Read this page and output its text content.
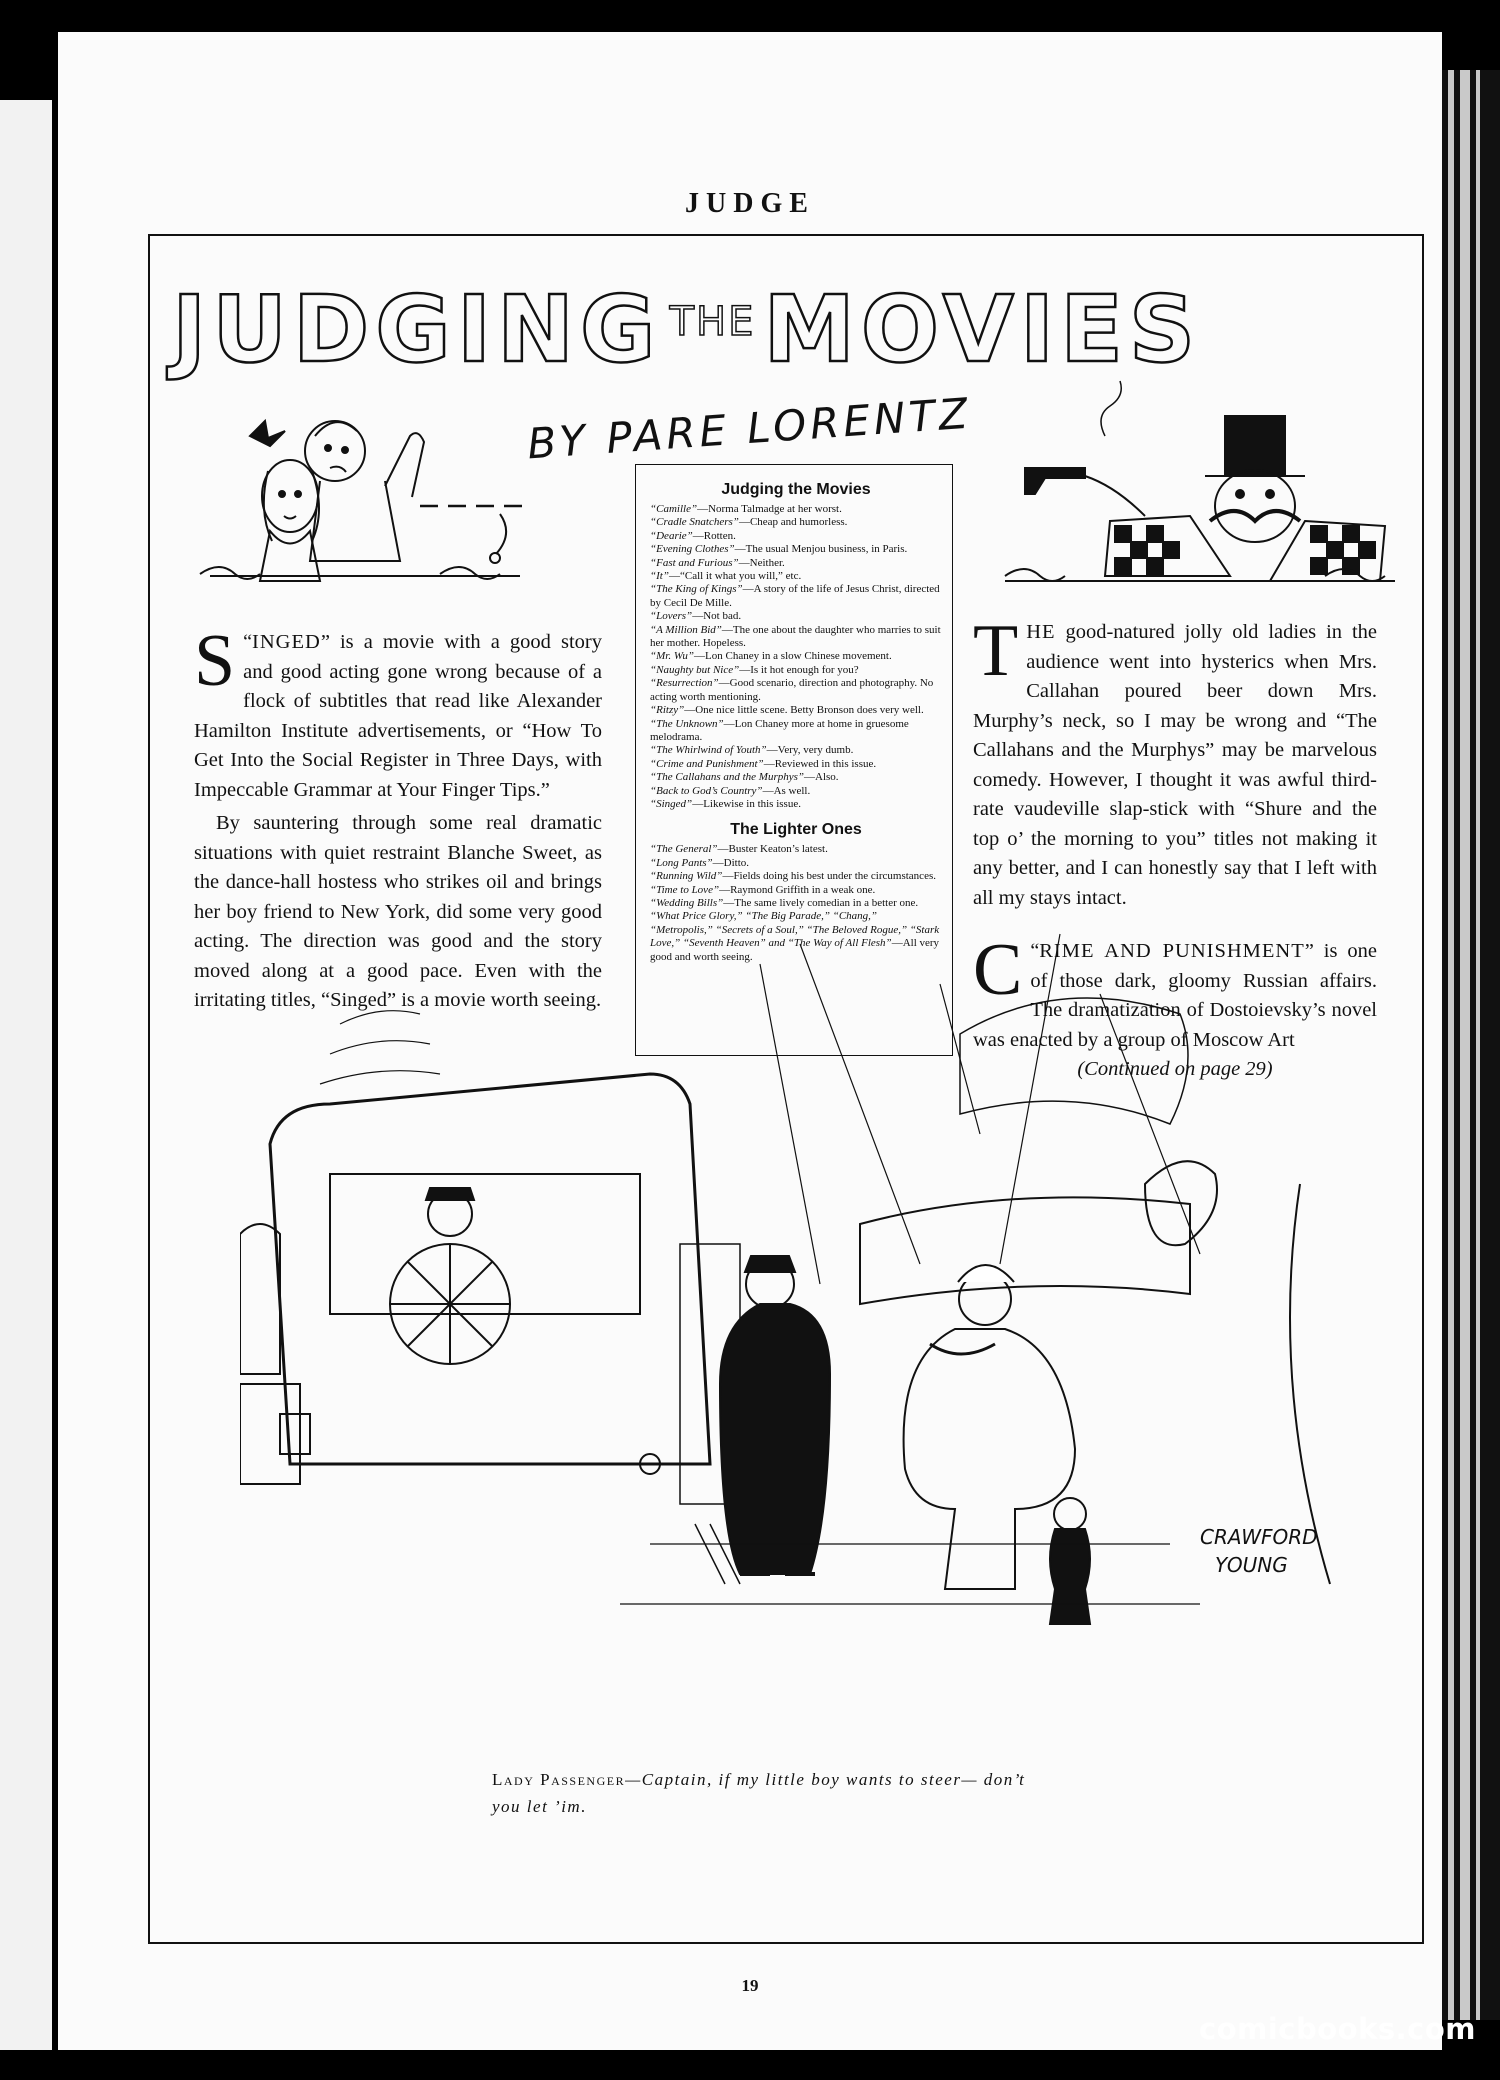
JUDGE
JUDGING $^{THE}$MOVIES
BY PARE LORENTZ

“
S INGED” is a movie with a good story and good acting gone wrong because of a flock of subtitles that read like Alexander Hamilton Institute advertisements, or “How To Get Into the Social Register in Three Days, with Impeccable Grammar at Your Finger Tips.”

By sauntering through some real dramatic situations with quiet restraint Blanche Sweet, as the dance-hall hostess who strikes oil and brings her boy friend to New York, did some very good acting. The direction was good and the story moved along at a good pace. Even with the irritating titles, “Singed” is a movie worth seeing.

Judging the Movies
“Camille”—Norma Talmadge at her worst.
“Cradle Snatchers”—Cheap and humorless.
“Dearie”—Rotten.
“Evening Clothes”—The usual Menjou business, in Paris.
“Fast and Furious”—Neither.
“It”—“Call it what you will,” etc.
“The King of Kings”—A story of the life of Jesus Christ, directed by Cecil De Mille.
“Lovers”—Not bad.
“A Million Bid”—The one about the daughter who marries to suit her mother. Hopeless.
“Mr. Wu”—Lon Chaney in a slow Chinese movement.
“Naughty but Nice”—Is it hot enough for you?
“Resurrection”—Good scenario, direction and photography. No acting worth mentioning.
“Ritzy”—One nice little scene. Betty Bronson does very well.
“The Unknown”—Lon Chaney more at home in gruesome melodrama.
“The Whirlwind of Youth”—Very, very dumb.
“Crime and Punishment”—Reviewed in this issue.
“The Callahans and the Murphys”—Also.
“Back to God’s Country”—As well.
“Singed”—Likewise in this issue.
The Lighter Ones
“The General”—Buster Keaton’s latest.
“Long Pants”—Ditto.
“Running Wild”—Fields doing his best under the circumstances.
“Time to Love”—Raymond Griffith in a weak one.
“Wedding Bills”—The same lively comedian in a better one.
“What Price Glory,” “The Big Parade,” “Chang,” “Metropolis,” “Secrets of a Soul,” “The Beloved Rogue,” “Stark Love,” “Seventh Heaven” and “The Way of All Flesh”—All very good and worth seeing.

THE good-natured jolly old ladies in the audience went into hysterics when Mrs. Callahan poured beer down Mrs. Murphy’s neck, so I may be wrong and “The Callahans and the Murphys” may be marvelous comedy. However, I thought it was awful third-rate vaudeville slap-stick with “Shure and the top o’ the morning to you” titles not making it any better, and I can honestly say that I left with all my stays intact.

“
C RIME AND PUNISHMENT” is one of those dark, gloomy Russian affairs. The dramatization of Dostoievsky’s novel was enacted by a group of Moscow Art

(Continued on page 29)

CRAWFORD
YOUNG
Lady Passenger—Captain, if my little boy wants to steer— don’t you let ’im.
19
comicbooks.com
